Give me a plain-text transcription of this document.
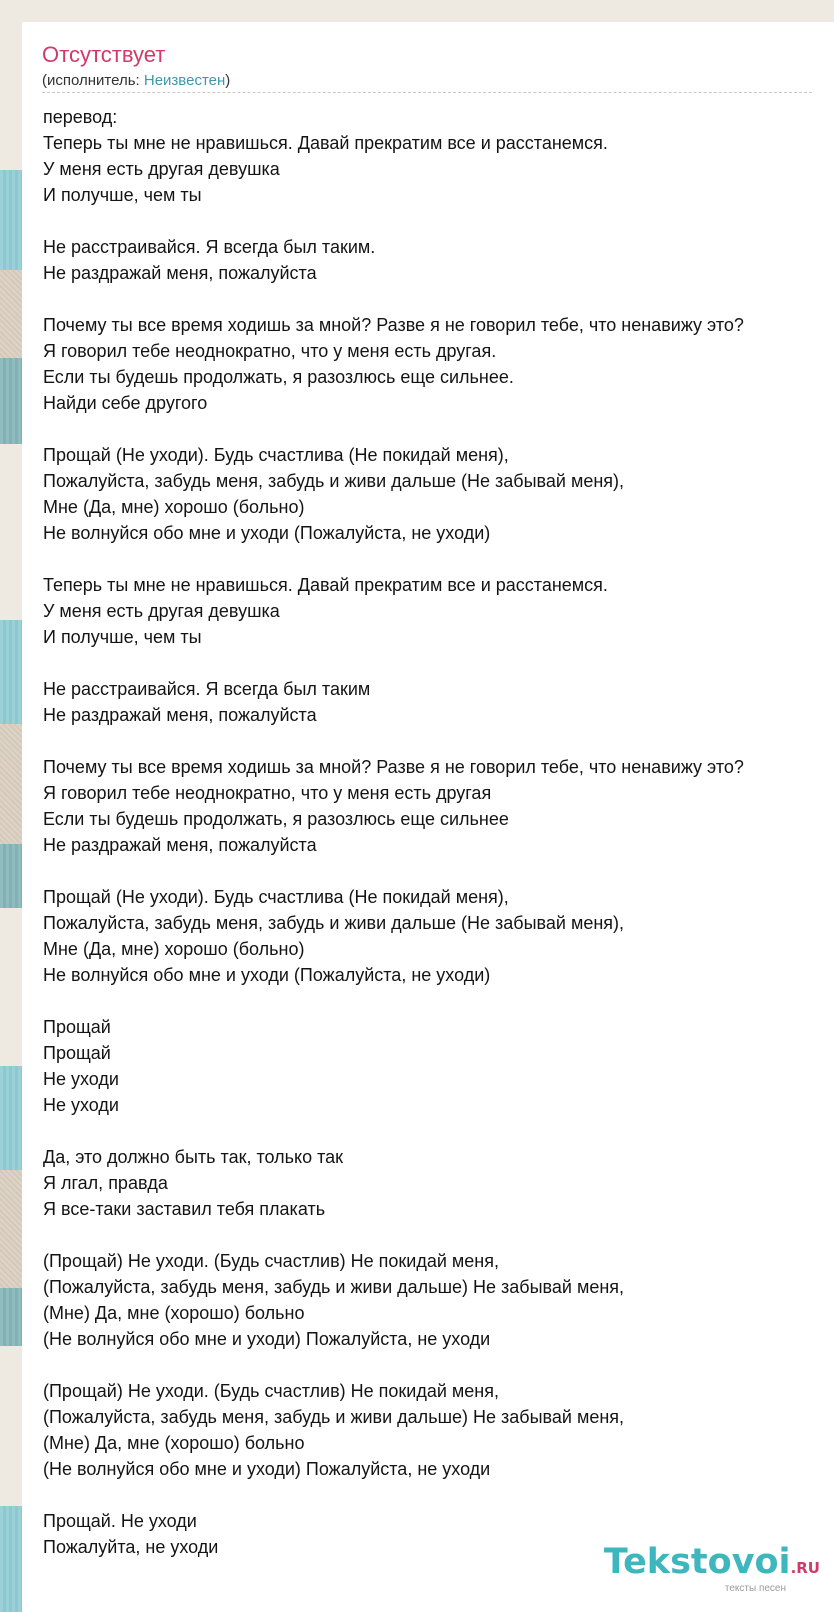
Отсутствует
(исполнитель: Неизвестен)
перевод:
Теперь ты мне не нравишься. Давай прекратим все и расстанемся.
У меня есть другая девушка
И получше, чем ты

Не расстраивайся. Я всегда был таким.
Не раздражай меня, пожалуйста

Почему ты все время ходишь за мной? Разве я не говорил тебе, что ненавижу это?
Я говорил тебе неоднократно, что у меня есть другая.
Если ты будешь продолжать, я разозлюсь еще сильнее.
Найди себе другого

Прощай (Не уходи). Будь счастлива (Не покидай меня),
Пожалуйста, забудь меня, забудь и живи дальше (Не забывай меня),
Мне (Да, мне) хорошо (больно)
Не волнуйся обо мне и уходи (Пожалуйста, не уходи)

Теперь ты мне не нравишься. Давай прекратим все и расстанемся.
У меня есть другая девушка
И получше, чем ты

Не расстраивайся. Я всегда был таким
Не раздражай меня, пожалуйста

Почему ты все время ходишь за мной? Разве я не говорил тебе, что ненавижу это?
Я говорил тебе неоднократно, что у меня есть другая
Если ты будешь продолжать, я разозлюсь еще сильнее
Не раздражай меня, пожалуйста

Прощай (Не уходи). Будь счастлива (Не покидай меня),
Пожалуйста, забудь меня, забудь и живи дальше (Не забывай меня),
Мне (Да, мне) хорошо (больно)
Не волнуйся обо мне и уходи (Пожалуйста, не уходи)

Прощай
Прощай
Не уходи
Не уходи

Да, это должно быть так, только так
Я лгал, правда
Я все-таки заставил тебя плакать

(Прощай) Не уходи. (Будь счастлив) Не покидай меня,
(Пожалуйста, забудь меня, забудь и живи дальше) Не забывай меня,
(Мне) Да, мне (хорошо) больно
(Не волнуйся обо мне и уходи) Пожалуйста, не уходи

(Прощай) Не уходи. (Будь счастлив) Не покидай меня,
(Пожалуйста, забудь меня, забудь и живи дальше) Не забывай меня,
(Мне) Да, мне (хорошо) больно
(Не волнуйся обо мне и уходи) Пожалуйста, не уходи

Прощай. Не уходи
Пожалуйта, не уходи	Tekstovoi.RU
тексты песен
